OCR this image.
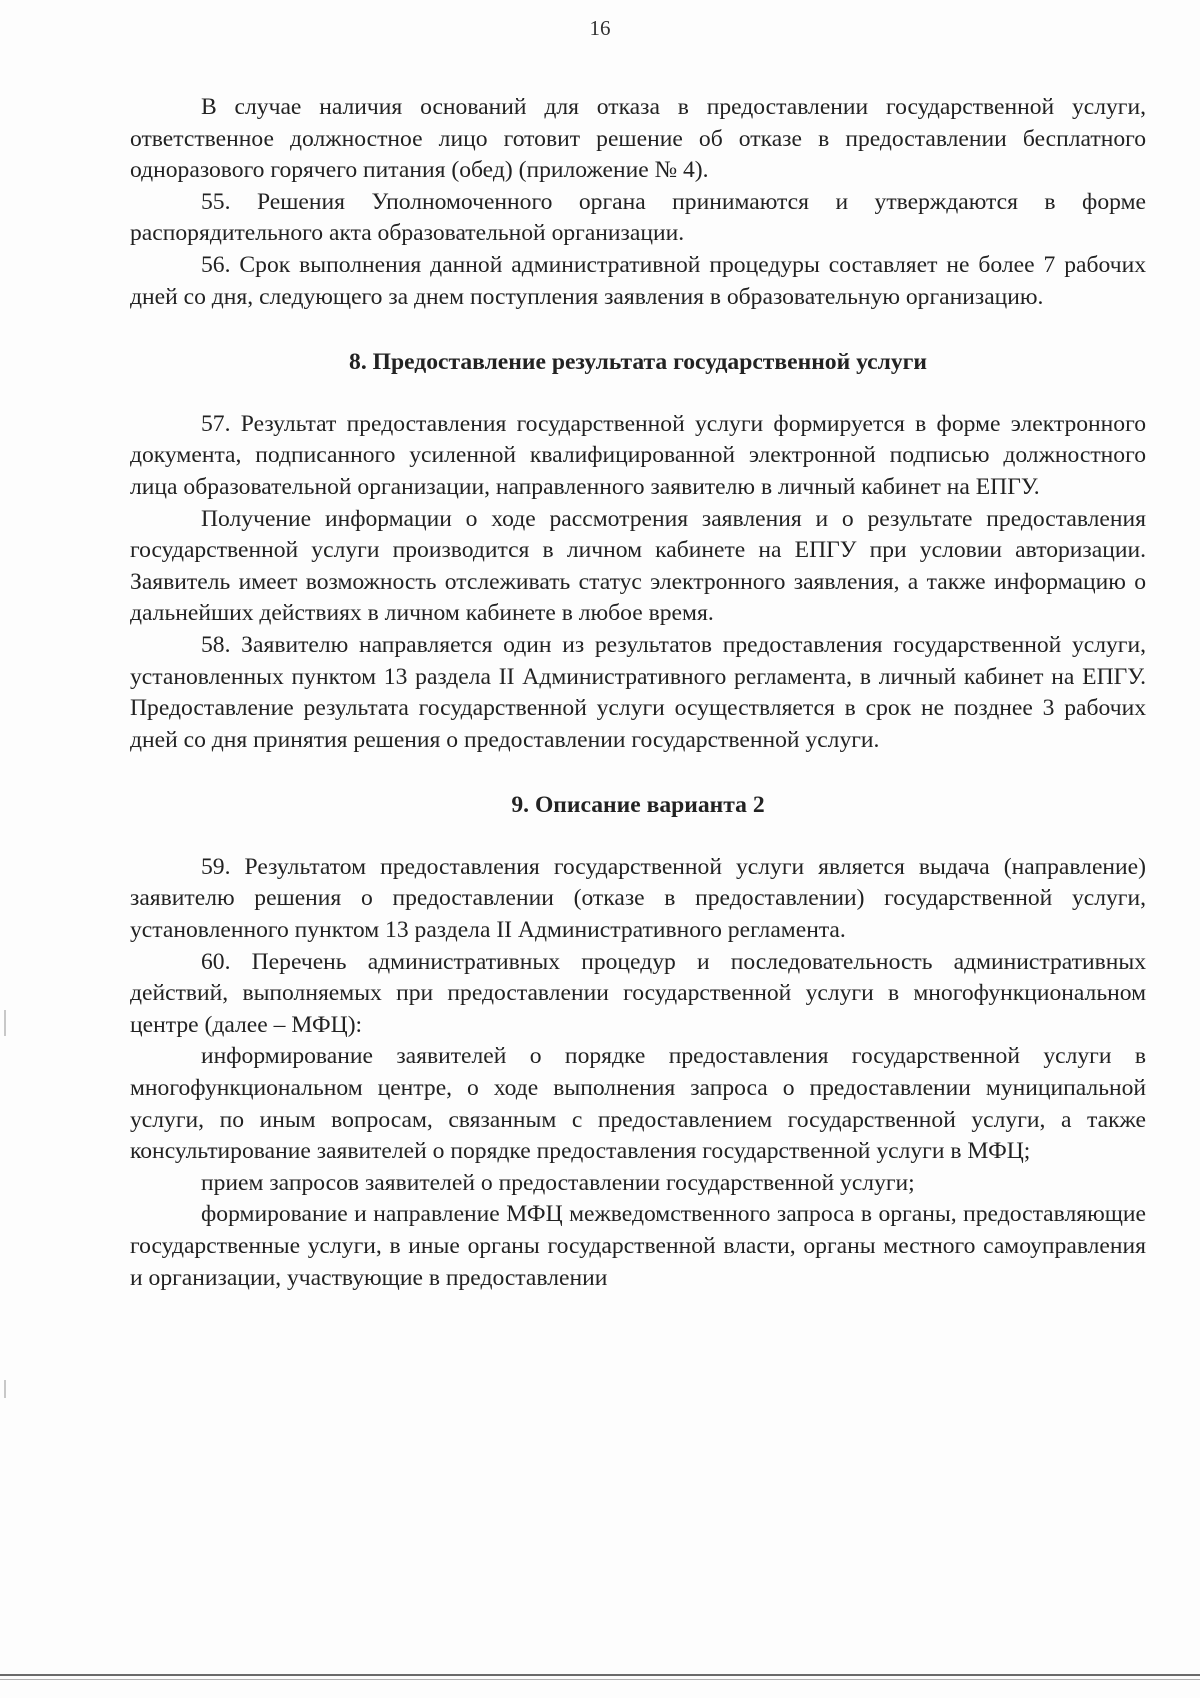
16

В случае наличия оснований для отказа в предоставлении государственной услуги, ответственное должностное лицо готовит решение об отказе в предоставлении бесплатного одноразового горячего питания (обед) (приложение № 4).

55. Решения Уполномоченного органа принимаются и утверждаются в форме распорядительного акта образовательной организации.

56. Срок выполнения данной административной процедуры составляет не более 7 рабочих дней со дня, следующего за днем поступления заявления в образовательную организацию.

8. Предоставление результата государственной услуги

57. Результат предоставления государственной услуги формируется в форме электронного документа, подписанного усиленной квалифицированной электронной подписью должностного лица образовательной организации, направленного заявителю в личный кабинет на ЕПГУ.

Получение информации о ходе рассмотрения заявления и о результате предоставления государственной услуги производится в личном кабинете на ЕПГУ при условии авторизации. Заявитель имеет возможность отслеживать статус электронного заявления, а также информацию о дальнейших действиях в личном кабинете в любое время.

58. Заявителю направляется один из результатов предоставления государственной услуги, установленных пунктом 13 раздела II Административного регламента, в личный кабинет на ЕПГУ. Предоставление результата государственной услуги осуществляется в срок не позднее 3 рабочих дней со дня принятия решения о предоставлении государственной услуги.

9. Описание варианта 2

59. Результатом предоставления государственной услуги является выдача (направление) заявителю решения о предоставлении (отказе в предоставлении) государственной услуги, установленного пунктом 13 раздела II Административного регламента.

60. Перечень административных процедур и последовательность административных действий, выполняемых при предоставлении государственной услуги в многофункциональном центре (далее – МФЦ):

информирование заявителей о порядке предоставления государственной услуги в многофункциональном центре, о ходе выполнения запроса о предоставлении муниципальной услуги, по иным вопросам, связанным с предоставлением государственной услуги, а также консультирование заявителей о порядке предоставления государственной услуги в МФЦ;

прием запросов заявителей о предоставлении государственной услуги;

формирование и направление МФЦ межведомственного запроса в органы, предоставляющие государственные услуги, в иные органы государственной власти, органы местного самоуправления и организации, участвующие в предоставлении
